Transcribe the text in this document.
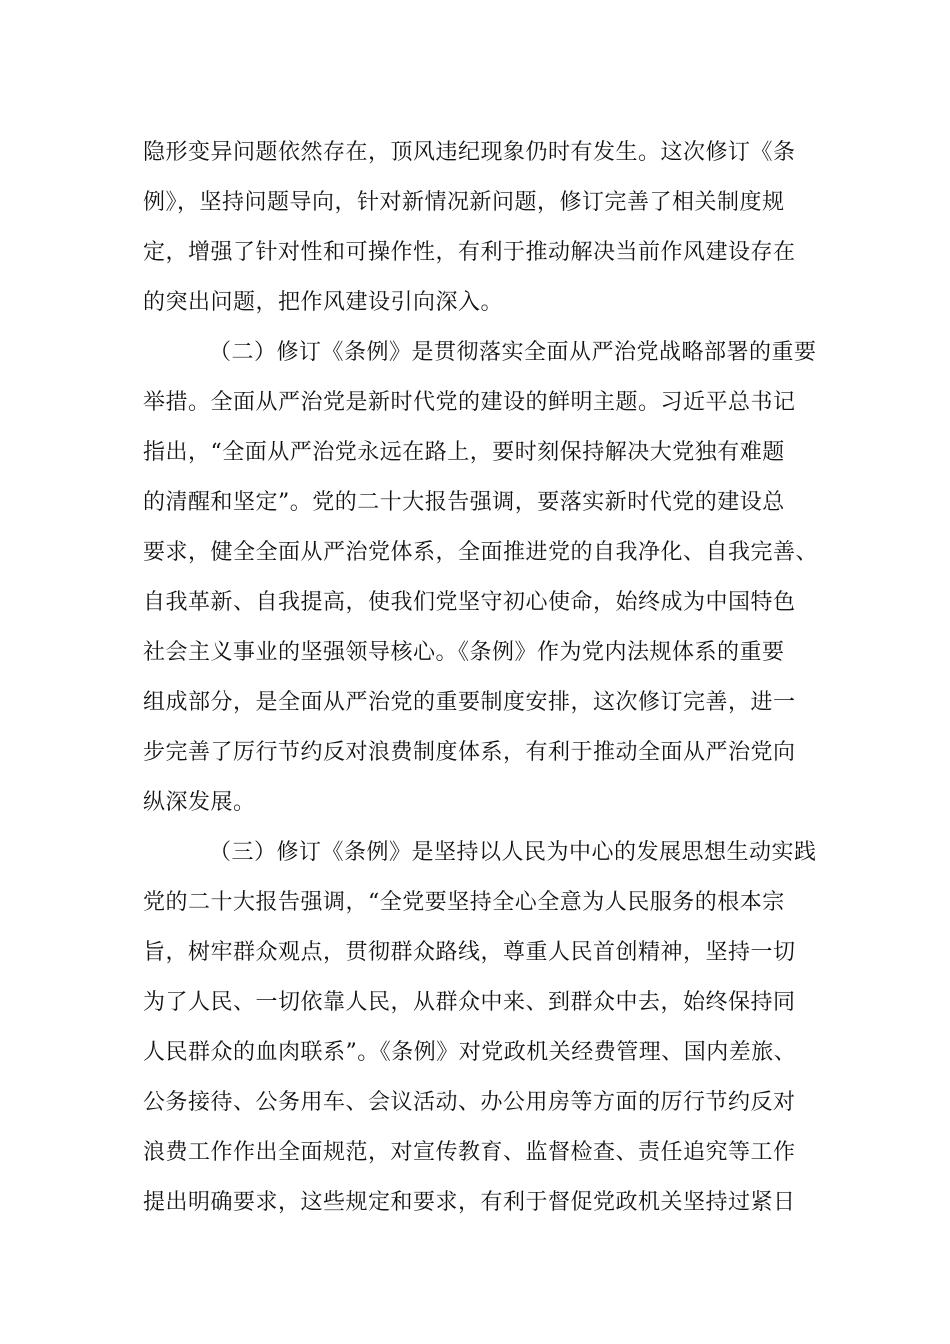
隐形变异问题依然存在，顶风违纪现象仍时有发生。这次修订《条
例》，坚持问题导向，针对新情况新问题，修订完善了相关制度规
定，增强了针对性和可操作性，有利于推动解决当前作风建设存在
的突出问题，把作风建设引向深入。

（二）修订《条例》是贯彻落实全面从严治党战略部署的重要
举措。全面从严治党是新时代党的建设的鲜明主题。习近平总书记
指出，“全面从严治党永远在路上，要时刻保持解决大党独有难题
的清醒和坚定”。党的二十大报告强调，要落实新时代党的建设总
要求，健全全面从严治党体系，全面推进党的自我净化、自我完善、
自我革新、自我提高，使我们党坚守初心使命，始终成为中国特色
社会主义事业的坚强领导核心。《条例》作为党内法规体系的重要
组成部分，是全面从严治党的重要制度安排，这次修订完善，进一
步完善了厉行节约反对浪费制度体系，有利于推动全面从严治党向
纵深发展。

（三）修订《条例》是坚持以人民为中心的发展思想生动实践
党的二十大报告强调，“全党要坚持全心全意为人民服务的根本宗
旨，树牢群众观点，贯彻群众路线，尊重人民首创精神，坚持一切
为了人民、一切依靠人民，从群众中来、到群众中去，始终保持同
人民群众的血肉联系”。《条例》对党政机关经费管理、国内差旅、
公务接待、公务用车、会议活动、办公用房等方面的厉行节约反对
浪费工作作出全面规范，对宣传教育、监督检查、责任追究等工作
提出明确要求，这些规定和要求，有利于督促党政机关坚持过紧日
